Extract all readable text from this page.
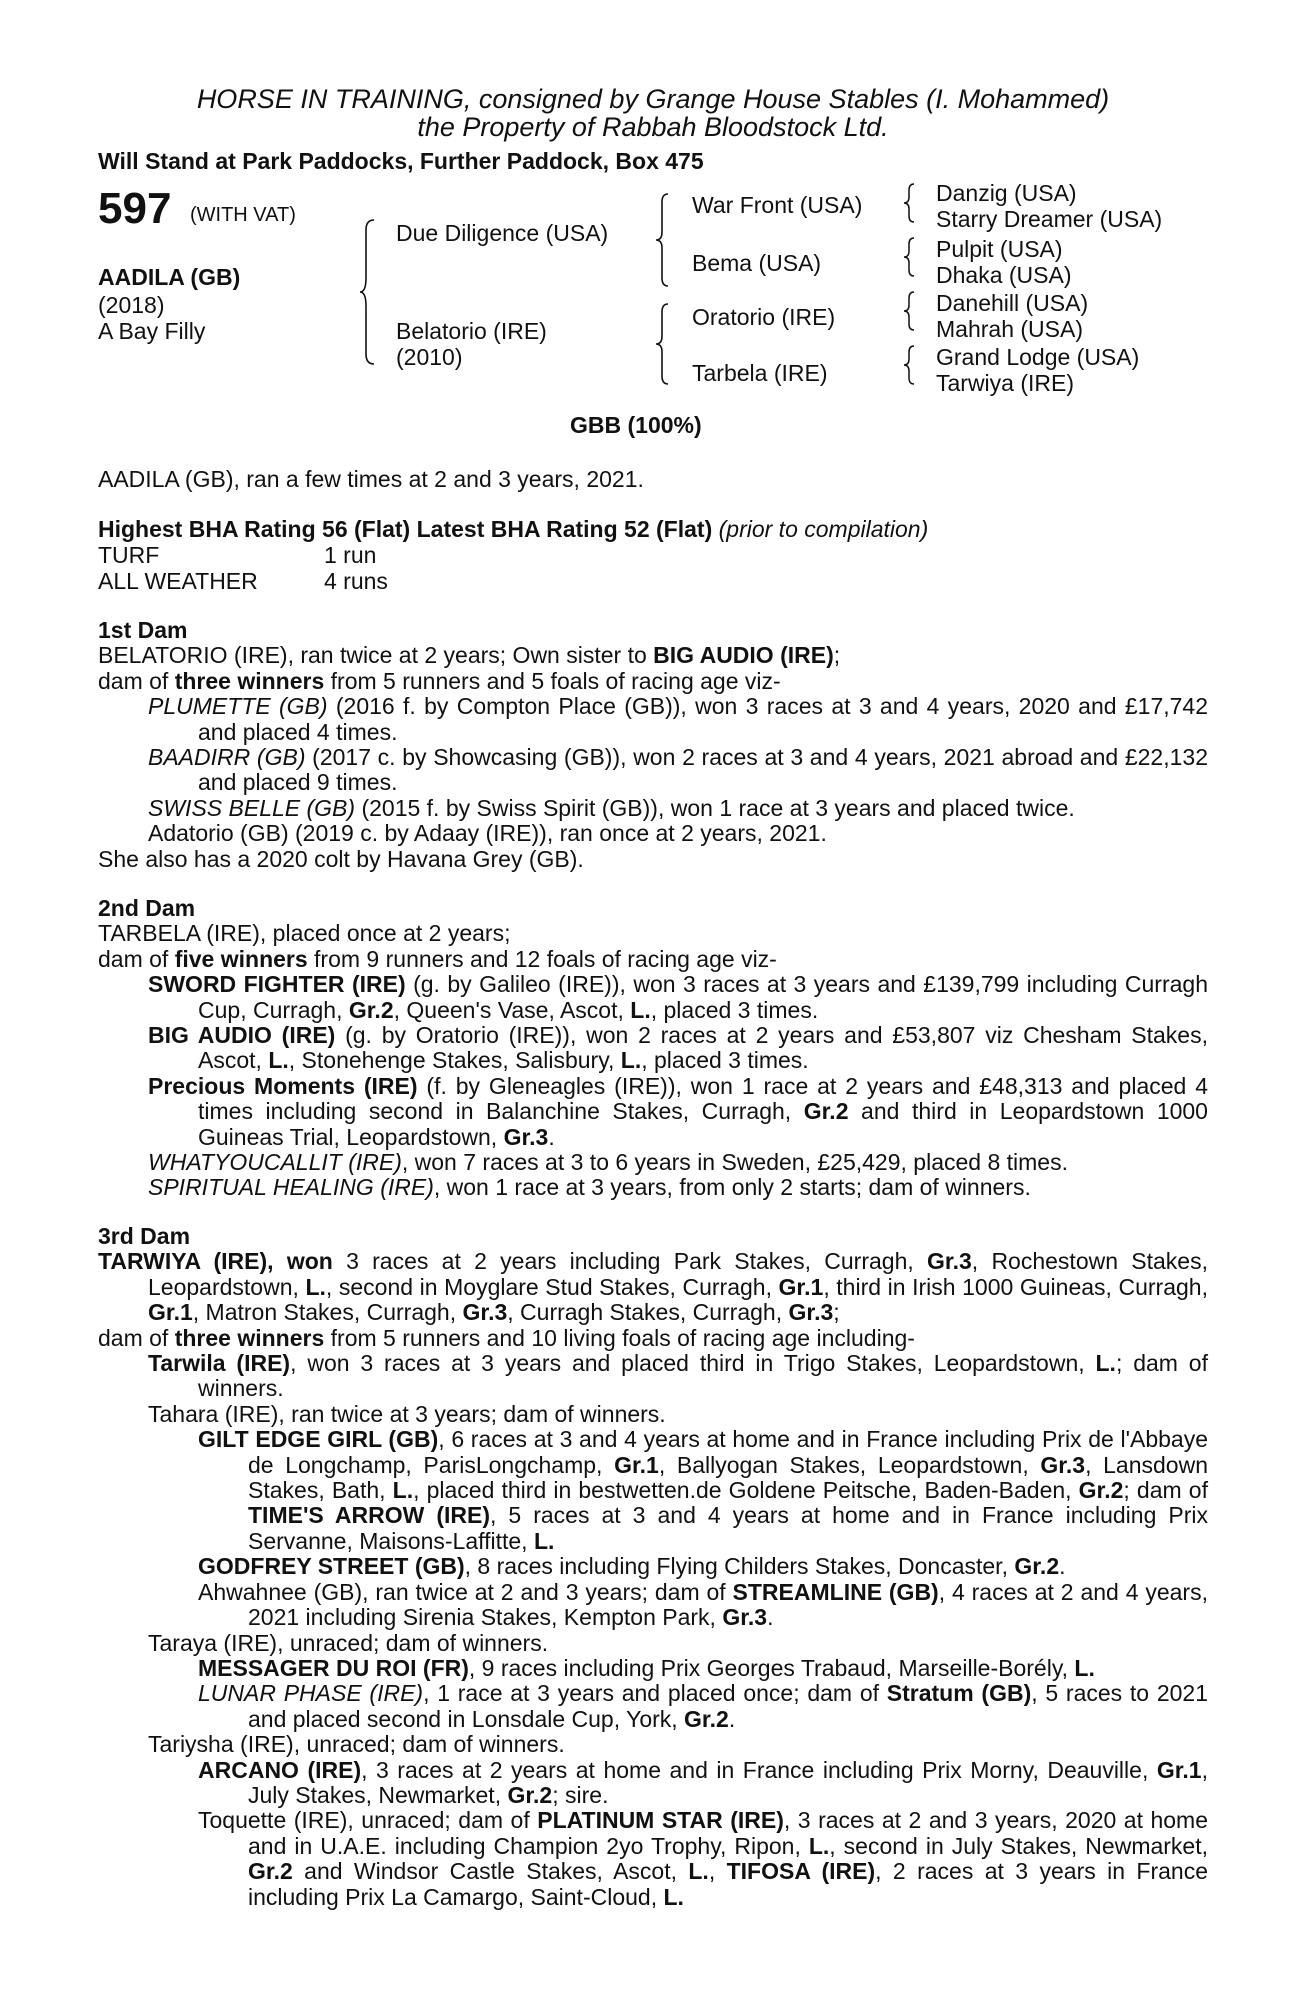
HORSE IN TRAINING, consigned by Grange House Stables (I. Mohammed)
the Property of Rabbah Bloodstock Ltd.
Will Stand at Park Paddocks, Further Paddock, Box 475
597 (WITH VAT)
AADILA (GB)
(2018)
A Bay Filly
Due Diligence (USA)
Belatorio (IRE)
(2010)
War Front (USA)
Bema (USA)
Oratorio (IRE)
Tarbela (IRE)
Danzig (USA)
Starry Dreamer (USA)
Pulpit (USA)
Dhaka (USA)
Danehill (USA)
Mahrah (USA)
Grand Lodge (USA)
Tarwiya (IRE)
GBB (100%)
AADILA (GB), ran a few times at 2 and 3 years, 2021.
Highest BHA Rating 56 (Flat) Latest BHA Rating 52 (Flat) (prior to compilation)
TURF	1 run
ALL WEATHER	4 runs

1st Dam

BELATORIO (IRE), ran twice at 2 years; Own sister to BIG AUDIO (IRE);

dam of three winners from 5 runners and 5 foals of racing age viz-

PLUMETTE (GB) (2016 f. by Compton Place (GB)), won 3 races at 3 and 4 years, 2020 and £17,742 and placed 4 times.

BAADIRR (GB) (2017 c. by Showcasing (GB)), won 2 races at 3 and 4 years, 2021 abroad and £22,132 and placed 9 times.

SWISS BELLE (GB) (2015 f. by Swiss Spirit (GB)), won 1 race at 3 years and placed twice.

Adatorio (GB) (2019 c. by Adaay (IRE)), ran once at 2 years, 2021.

She also has a 2020 colt by Havana Grey (GB).

2nd Dam

TARBELA (IRE), placed once at 2 years;

dam of five winners from 9 runners and 12 foals of racing age viz-

SWORD FIGHTER (IRE) (g. by Galileo (IRE)), won 3 races at 3 years and £139,799 including Curragh Cup, Curragh, Gr.2, Queen's Vase, Ascot, L., placed 3 times.

BIG AUDIO (IRE) (g. by Oratorio (IRE)), won 2 races at 2 years and £53,807 viz Chesham Stakes, Ascot, L., Stonehenge Stakes, Salisbury, L., placed 3 times.

Precious Moments (IRE) (f. by Gleneagles (IRE)), won 1 race at 2 years and £48,313 and placed 4 times including second in Balanchine Stakes, Curragh, Gr.2 and third in Leopardstown 1000 Guineas Trial, Leopardstown, Gr.3.

WHATYOUCALLIT (IRE), won 7 races at 3 to 6 years in Sweden, £25,429, placed 8 times.

SPIRITUAL HEALING (IRE), won 1 race at 3 years, from only 2 starts; dam of winners.

3rd Dam

TARWIYA (IRE), won 3 races at 2 years including Park Stakes, Curragh, Gr.3, Rochestown Stakes, Leopardstown, L., second in Moyglare Stud Stakes, Curragh, Gr.1, third in Irish 1000 Guineas, Curragh, Gr.1, Matron Stakes, Curragh, Gr.3, Curragh Stakes, Curragh, Gr.3;

dam of three winners from 5 runners and 10 living foals of racing age including-

Tarwila (IRE), won 3 races at 3 years and placed third in Trigo Stakes, Leopardstown, L.; dam of winners.

Tahara (IRE), ran twice at 3 years; dam of winners.

GILT EDGE GIRL (GB), 6 races at 3 and 4 years at home and in France including Prix de l'Abbaye de Longchamp, ParisLongchamp, Gr.1, Ballyogan Stakes, Leopardstown, Gr.3, Lansdown Stakes, Bath, L., placed third in bestwetten.de Goldene Peitsche, Baden-Baden, Gr.2; dam of TIME'S ARROW (IRE), 5 races at 3 and 4 years at home and in France including Prix Servanne, Maisons-Laffitte, L.

GODFREY STREET (GB), 8 races including Flying Childers Stakes, Doncaster, Gr.2.

Ahwahnee (GB), ran twice at 2 and 3 years; dam of STREAMLINE (GB), 4 races at 2 and 4 years, 2021 including Sirenia Stakes, Kempton Park, Gr.3.

Taraya (IRE), unraced; dam of winners.

MESSAGER DU ROI (FR), 9 races including Prix Georges Trabaud, Marseille-Borély, L.

LUNAR PHASE (IRE), 1 race at 3 years and placed once; dam of Stratum (GB), 5 races to 2021 and placed second in Lonsdale Cup, York, Gr.2.

Tariysha (IRE), unraced; dam of winners.

ARCANO (IRE), 3 races at 2 years at home and in France including Prix Morny, Deauville, Gr.1, July Stakes, Newmarket, Gr.2; sire.

Toquette (IRE), unraced; dam of PLATINUM STAR (IRE), 3 races at 2 and 3 years, 2020 at home and in U.A.E. including Champion 2yo Trophy, Ripon, L., second in July Stakes, Newmarket, Gr.2 and Windsor Castle Stakes, Ascot, L., TIFOSA (IRE), 2 races at 3 years in France including Prix La Camargo, Saint-Cloud, L.
